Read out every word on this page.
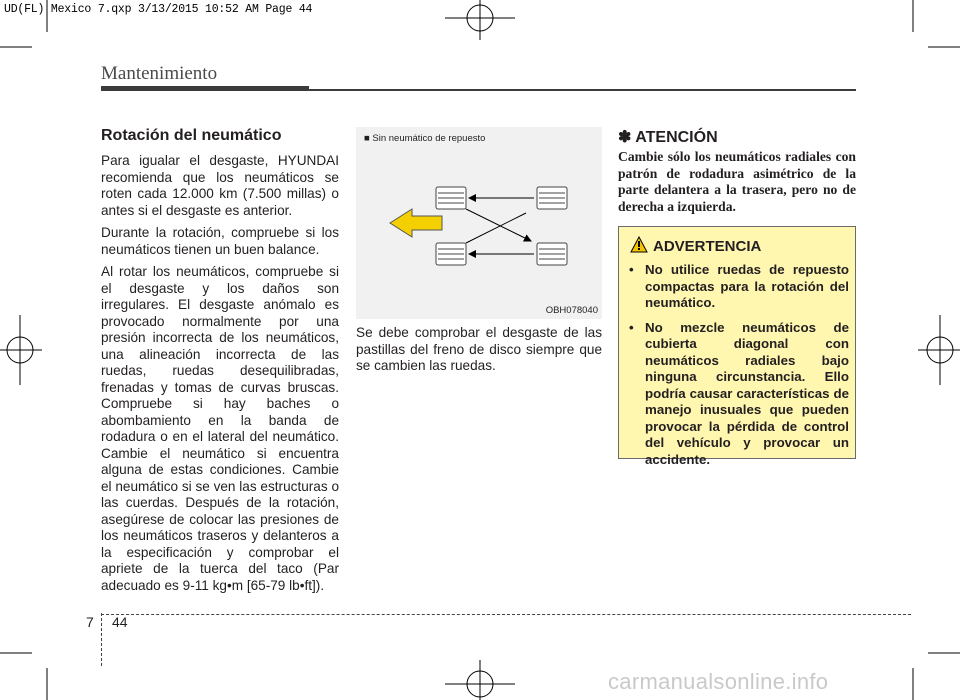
UD(FL) Mexico 7.qxp 3/13/2015 10:52 AM Page 44
Mantenimiento
Rotación del neumático

Para igualar el desgaste, HYUNDAI recomienda que los neumáticos se roten cada 12.000 km (7.500 millas) o antes si el desgaste es anterior.

Durante la rotación, compruebe si los neumáticos tienen un buen balance.

Al rotar los neumáticos, compruebe si el desgaste y los daños son irregulares. El desgaste anómalo es provocado normalmente por una presión incorrecta de los neumáticos, una alineación incorrecta de las ruedas, ruedas desequilibradas, frenadas y tomas de curvas bruscas. Compruebe si hay baches o abombamiento en la banda de rodadura o en el lateral del neumático. Cambie el neumático si encuentra alguna de estas condiciones. Cambie el neumático si se ven las estructuras o las cuerdas. Después de la rotación, asegúrese de colocar las presiones de los neumáticos traseros y delanteros a la especificación y comprobar el apriete de la tuerca del taco (Par adecuado es 9-11 kg•m [65-79 lb•ft]).

■ Sin neumático de repuesto
OBH078040

Se debe comprobar el desgaste de las pastillas del freno de disco siempre que se cambien las ruedas.

✽ ATENCIÓN
Cambie sólo los neumáticos radiales con patrón de rodadura asimétrico de la parte delantera a la trasera, pero no de derecha a izquierda.
ADVERTENCIA
• No utilice ruedas de repuesto compactas para la rotación del neumático.
• No mezcle neumáticos de cubierta diagonal con neumáticos radiales bajo ninguna circunstancia. Ello podría causar características de manejo inusuales que pueden provocar la pérdida de control del vehículo y provocar un accidente.
7 44
carmanualsonline.info
